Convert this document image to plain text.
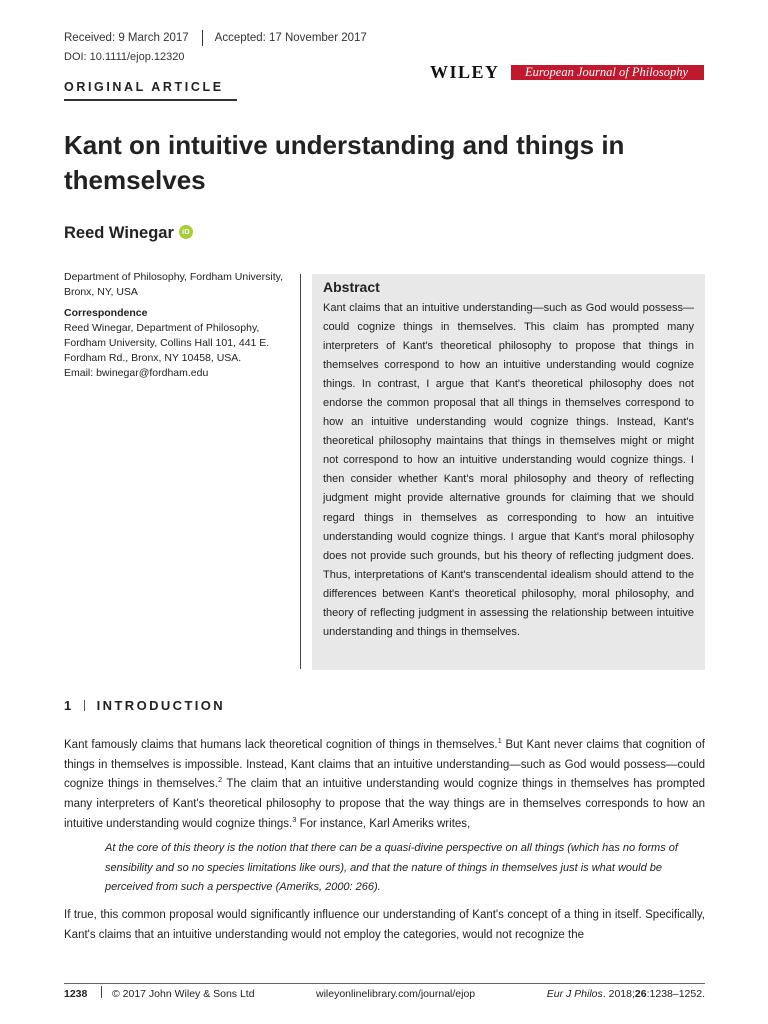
Received: 9 March 2017 Accepted: 17 November 2017
DOI: 10.1111/ejop.12320
WILEY	European Journal of Philosophy
ORIGINAL ARTICLE
Kant on intuitive understanding and things in themselves
Reed Winegar	iD
Department of Philosophy, Fordham University, Bronx, NY, USA
Correspondence
Reed Winegar, Department of Philosophy, Fordham University, Collins Hall 101, 441 E. Fordham Rd., Bronx, NY 10458, USA.
Email: bwinegar@fordham.edu
Abstract

Kant claims that an intuitive understanding—such as God would possess—could cognize things in themselves. This claim has prompted many interpreters of Kant's theoretical philosophy to propose that things in themselves correspond to how an intuitive understanding would cognize things. In contrast, I argue that Kant's theoretical philosophy does not endorse the common proposal that all things in themselves correspond to how an intuitive understanding would cognize things. Instead, Kant's theoretical philosophy maintains that things in themselves might or might not correspond to how an intuitive understanding would cognize things. I then consider whether Kant's moral philosophy and theory of reflecting judgment might provide alternative grounds for claiming that we should regard things in themselves as corresponding to how an intuitive understanding would cognize things. I argue that Kant's moral philosophy does not provide such grounds, but his theory of reflecting judgment does. Thus, interpretations of Kant's transcendental idealism should attend to the differences between Kant's theoretical philosophy, moral philosophy, and theory of reflecting judgment in assessing the relationship between intuitive understanding and things in themselves.

1 INTRODUCTION

Kant famously claims that humans lack theoretical cognition of things in themselves.$^1$ But Kant never claims that cognition of things in themselves is impossible. Instead, Kant claims that an intuitive understanding—such as God would possess—could cognize things in themselves.$^2$ The claim that an intuitive understanding would cognize things in themselves has prompted many interpreters of Kant's theoretical philosophy to propose that the way things are in themselves corresponds to how an intuitive understanding would cognize things.$^3$ For instance, Karl Ameriks writes,

At the core of this theory is the notion that there can be a quasi-divine perspective on all things (which has no forms of sensibility and so no species limitations like ours), and that the nature of things in themselves just is what would be perceived from such a perspective (Ameriks, 2000: 266).

If true, this common proposal would significantly influence our understanding of Kant's concept of a thing in itself. Specifically, Kant's claims that an intuitive understanding would not employ the categories, would not recognize the

1238 © 2017 John Wiley & Sons Ltd	wileyonlinelibrary.com/journal/ejop	Eur J Philos. 2018;26:1238–1252.
